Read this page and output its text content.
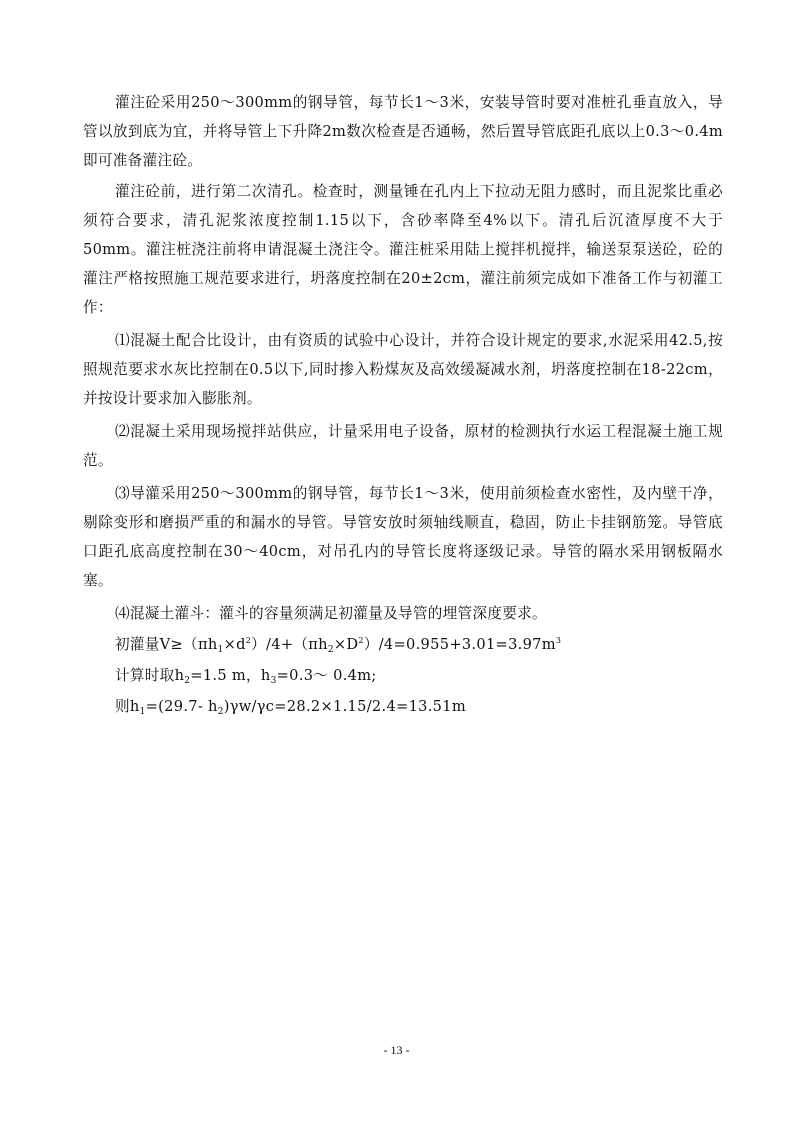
灌注砼采用250～300mm的钢导管，每节长1～3米，安装导管时要对准桩孔垂直放入，导管以放到底为宜，并将导管上下升降2m数次检查是否通畅，然后置导管底距孔底以上0.3～0.4m即可准备灌注砼。

灌注砼前，进行第二次清孔。检查时，测量锤在孔内上下拉动无阻力感时，而且泥浆比重必须符合要求，清孔泥浆浓度控制1.15以下，含砂率降至4%以下。清孔后沉渣厚度不大于50mm。灌注桩浇注前将申请混凝土浇注令。灌注桩采用陆上搅拌机搅拌，输送泵泵送砼，砼的灌注严格按照施工规范要求进行，坍落度控制在20±2cm，灌注前须完成如下准备工作与初灌工作：

⑴混凝土配合比设计，由有资质的试验中心设计，并符合设计规定的要求,水泥采用42.5,按照规范要求水灰比控制在0.5以下,同时掺入粉煤灰及高效缓凝减水剂，坍落度控制在18-22cm，并按设计要求加入膨胀剂。

⑵混凝土采用现场搅拌站供应，计量采用电子设备，原材的检测执行水运工程混凝土施工规范。

⑶导灌采用250～300mm的钢导管，每节长1～3米，使用前须检查水密性，及内壁干净，剔除变形和磨损严重的和漏水的导管。导管安放时须轴线顺直，稳固，防止卡挂钢筋笼。导管底口距孔底高度控制在30～40cm，对吊孔内的导管长度将逐级记录。导管的隔水采用钢板隔水塞。

⑷混凝土灌斗：灌斗的容量须满足初灌量及导管的埋管深度要求。

初灌量$V\ge(\pi h_1\times d^2)/4+(\pi h_2\times D^2)/4=0.955+3.01=3.97m^3$

计算时取$h_2=1.5$ m，$h_3=0.3\sim$ 0.4m;

则$h_1=(29.7-$ $h_2)\gamma w/\gamma c=28.2\times 1.15/2.4=13.51m$

- 13 -
